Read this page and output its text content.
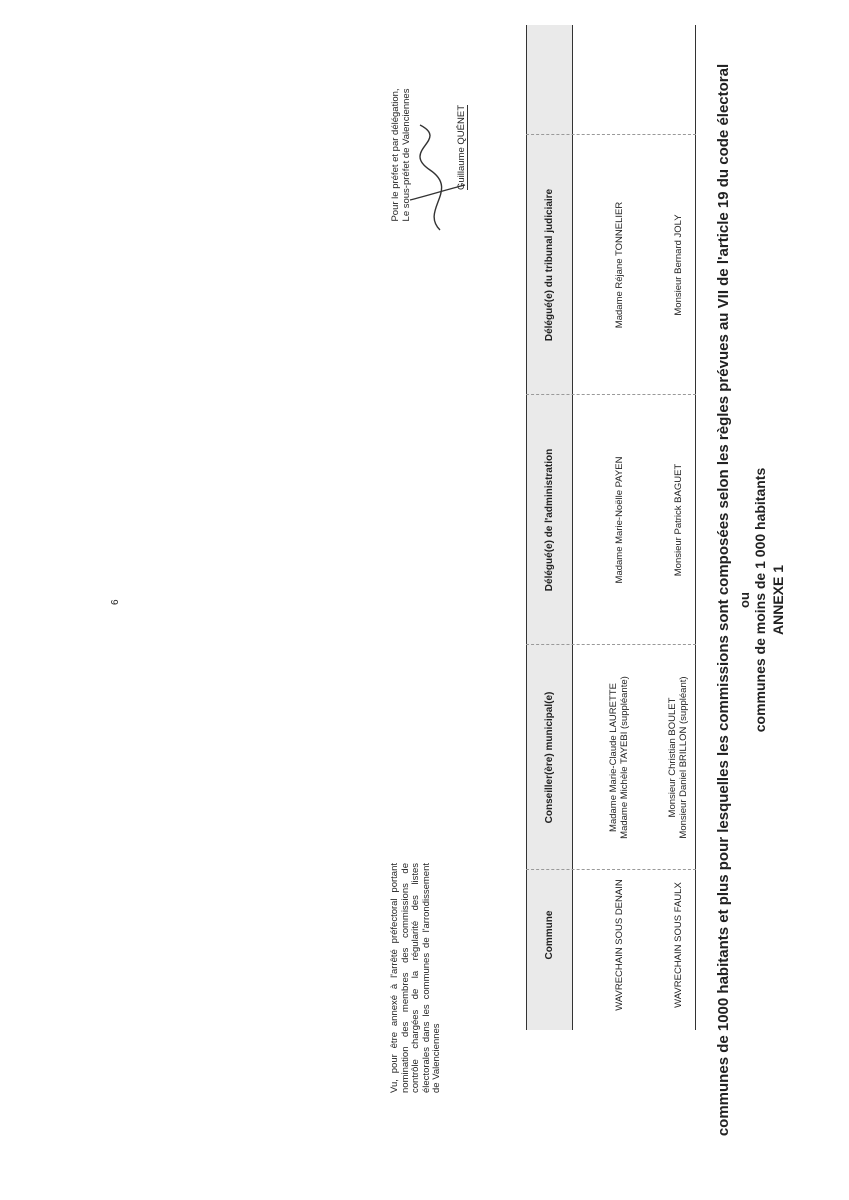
ANNEXE 1
communes de moins de 1 000 habitants
ou
communes de 1000 habitants et plus pour lesquelles les commissions sont composées selon les règles prévues au VII de l'article 19 du code électoral
Commune
Conseiller(ère) municipal(e)
Délégué(e) de l'administration
Délégué(e) du tribunal judiciaire
WAVRECHAIN SOUS DENAIN
Madame Marie-Claude LAURETTE Madame Michèle TAYEBI (suppléante)
Madame Marie-Noëlle PAYEN
Madame Réjane TONNELIER
WAVRECHAIN SOUS FAULX
Monsieur Christian BOULET Monsieur Daniel BRILLON (suppléant)
Monsieur Patrick BAGUET
Monsieur Bernard JOLY
Vu, pour être annexé à l'arrêté préfectoral portant nomination des membres des commissions de contrôle chargées de la régularité des listes électorales dans les communes de l'arrondissement de Valenciennes
Pour le préfet et par délégation, Le sous-préfet de Valenciennes	Guillaume QUÉNET
6
